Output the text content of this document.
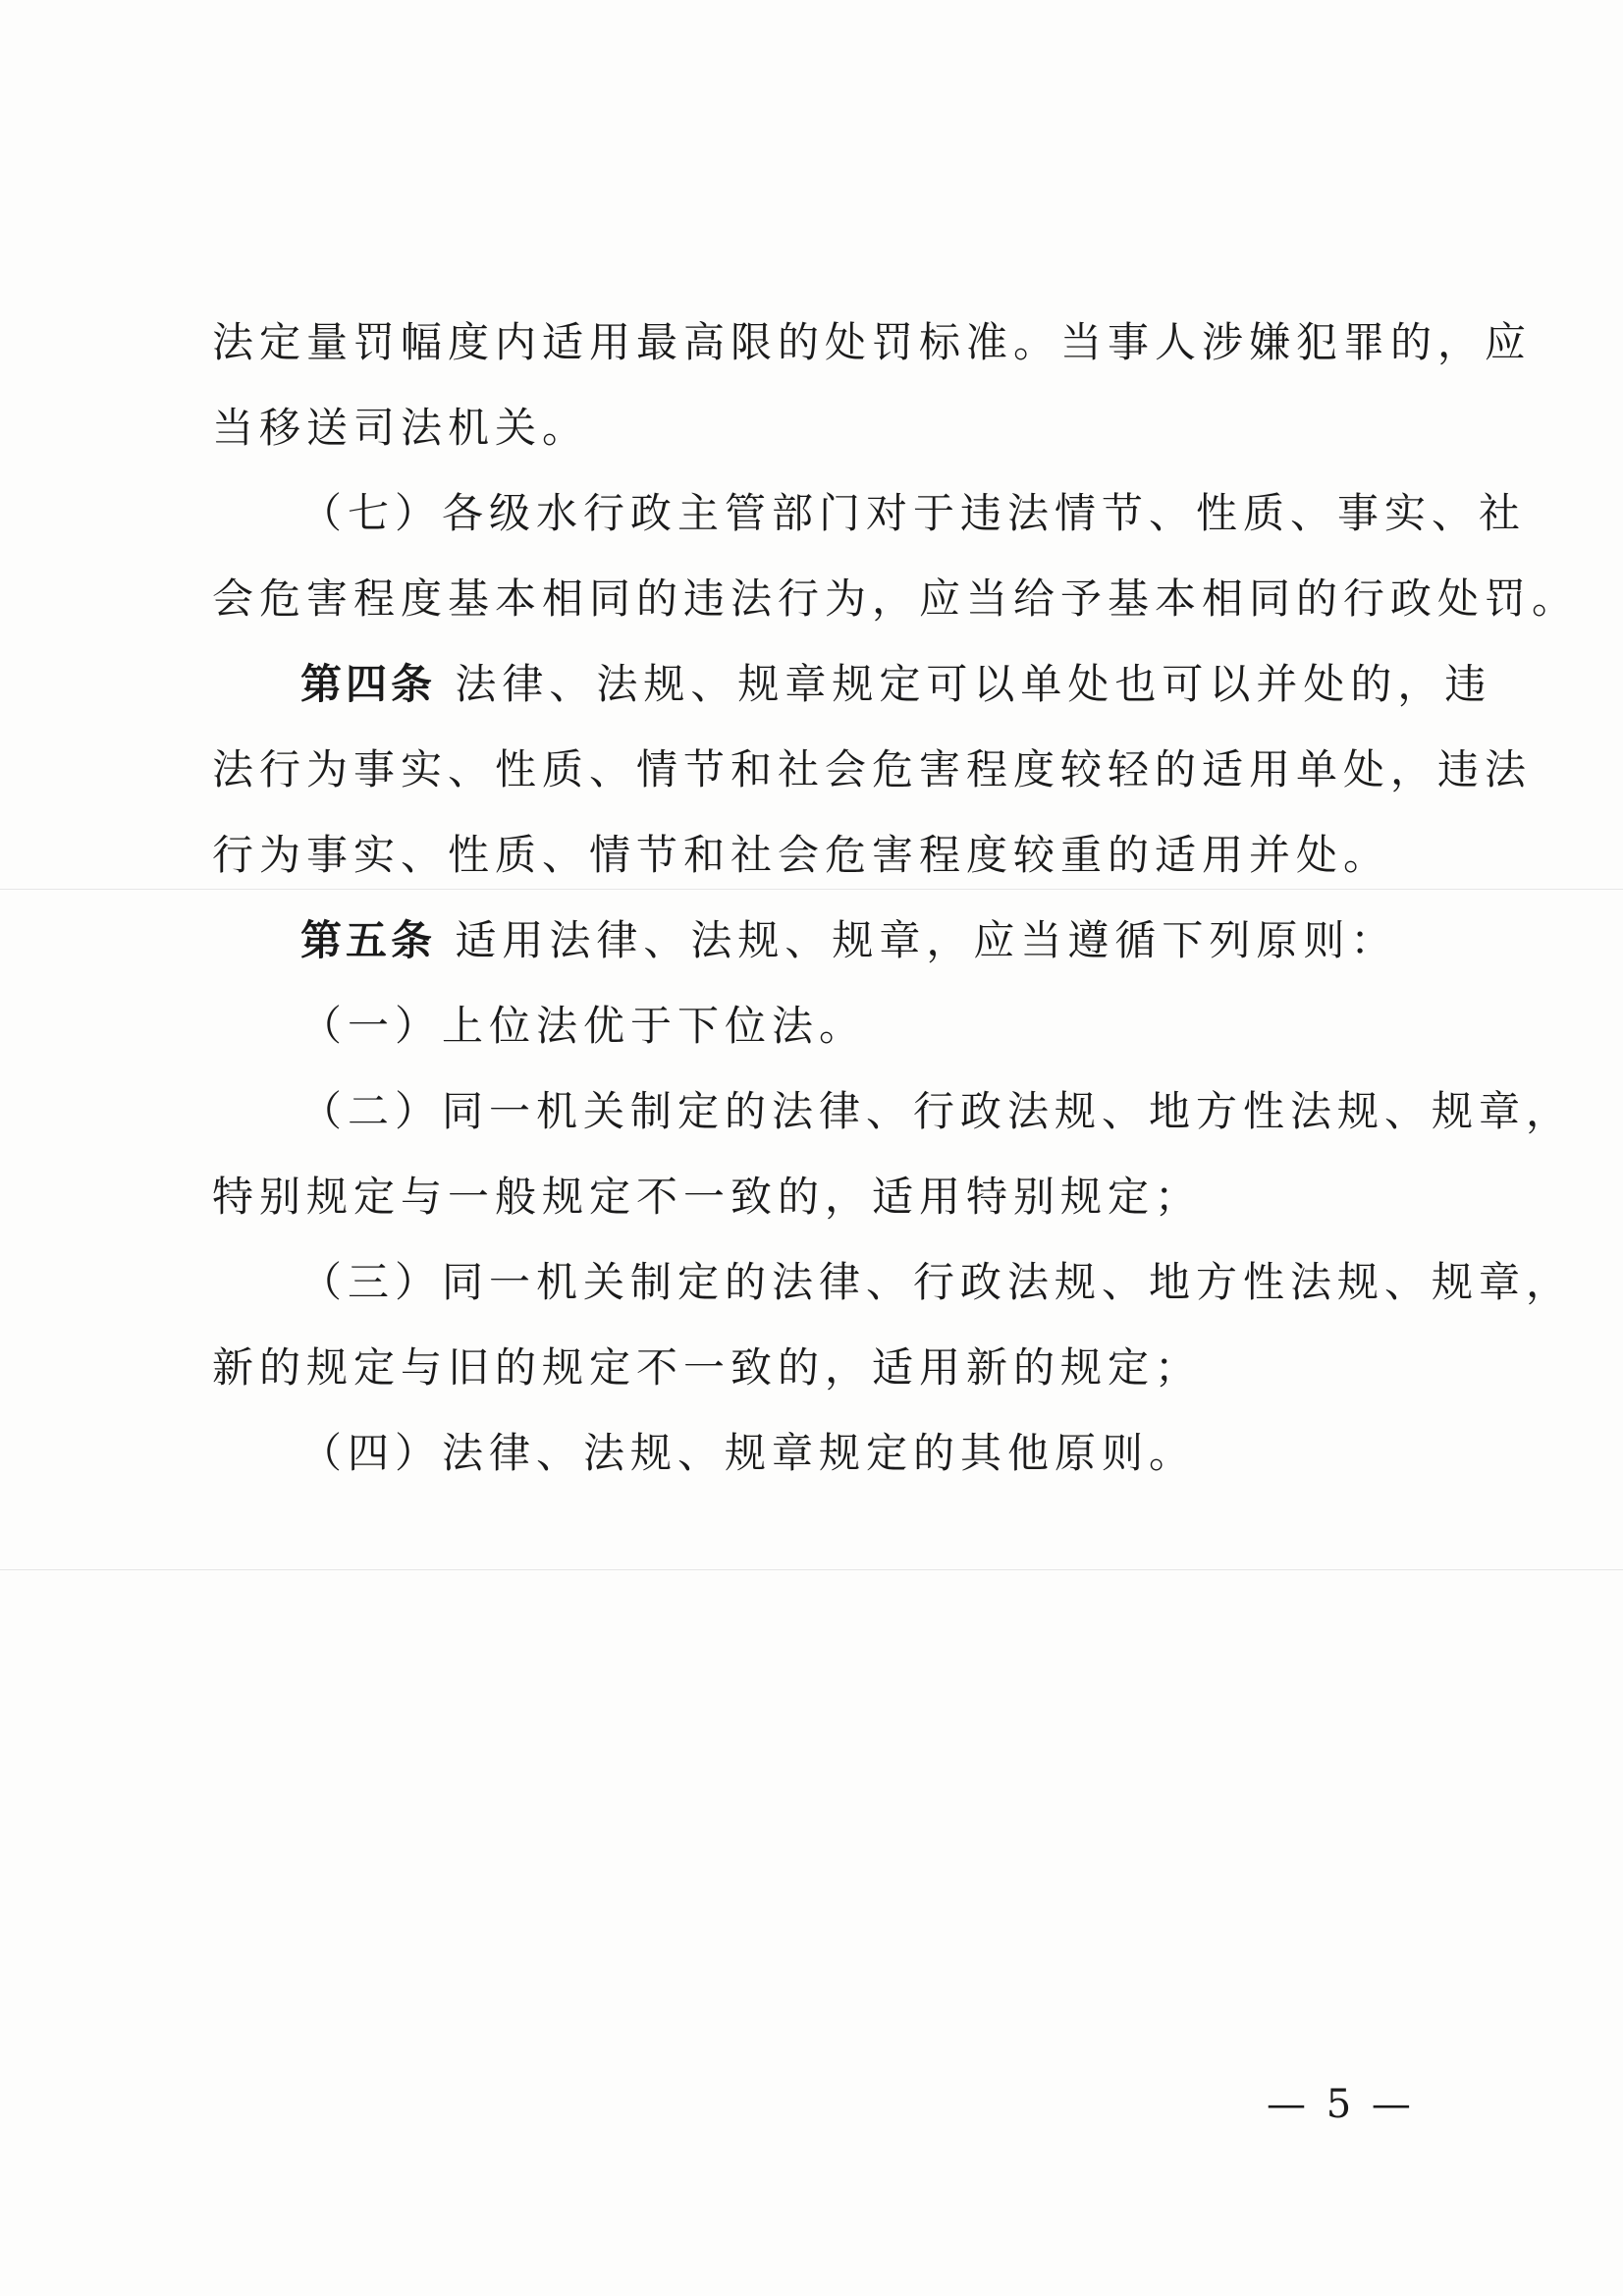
法定量罚幅度内适用最高限的处罚标准。当事人涉嫌犯罪的，应
当移送司法机关。

（七）各级水行政主管部门对于违法情节、性质、事实、社
会危害程度基本相同的违法行为，应当给予基本相同的行政处罚。

第四条 法律、法规、规章规定可以单处也可以并处的，违
法行为事实、性质、情节和社会危害程度较轻的适用单处，违法
行为事实、性质、情节和社会危害程度较重的适用并处。

第五条 适用法律、法规、规章，应当遵循下列原则：

（一）上位法优于下位法。

（二）同一机关制定的法律、行政法规、地方性法规、规章，
特别规定与一般规定不一致的，适用特别规定；

（三）同一机关制定的法律、行政法规、地方性法规、规章，
新的规定与旧的规定不一致的，适用新的规定；

（四）法律、法规、规章规定的其他原则。

— 5 —
